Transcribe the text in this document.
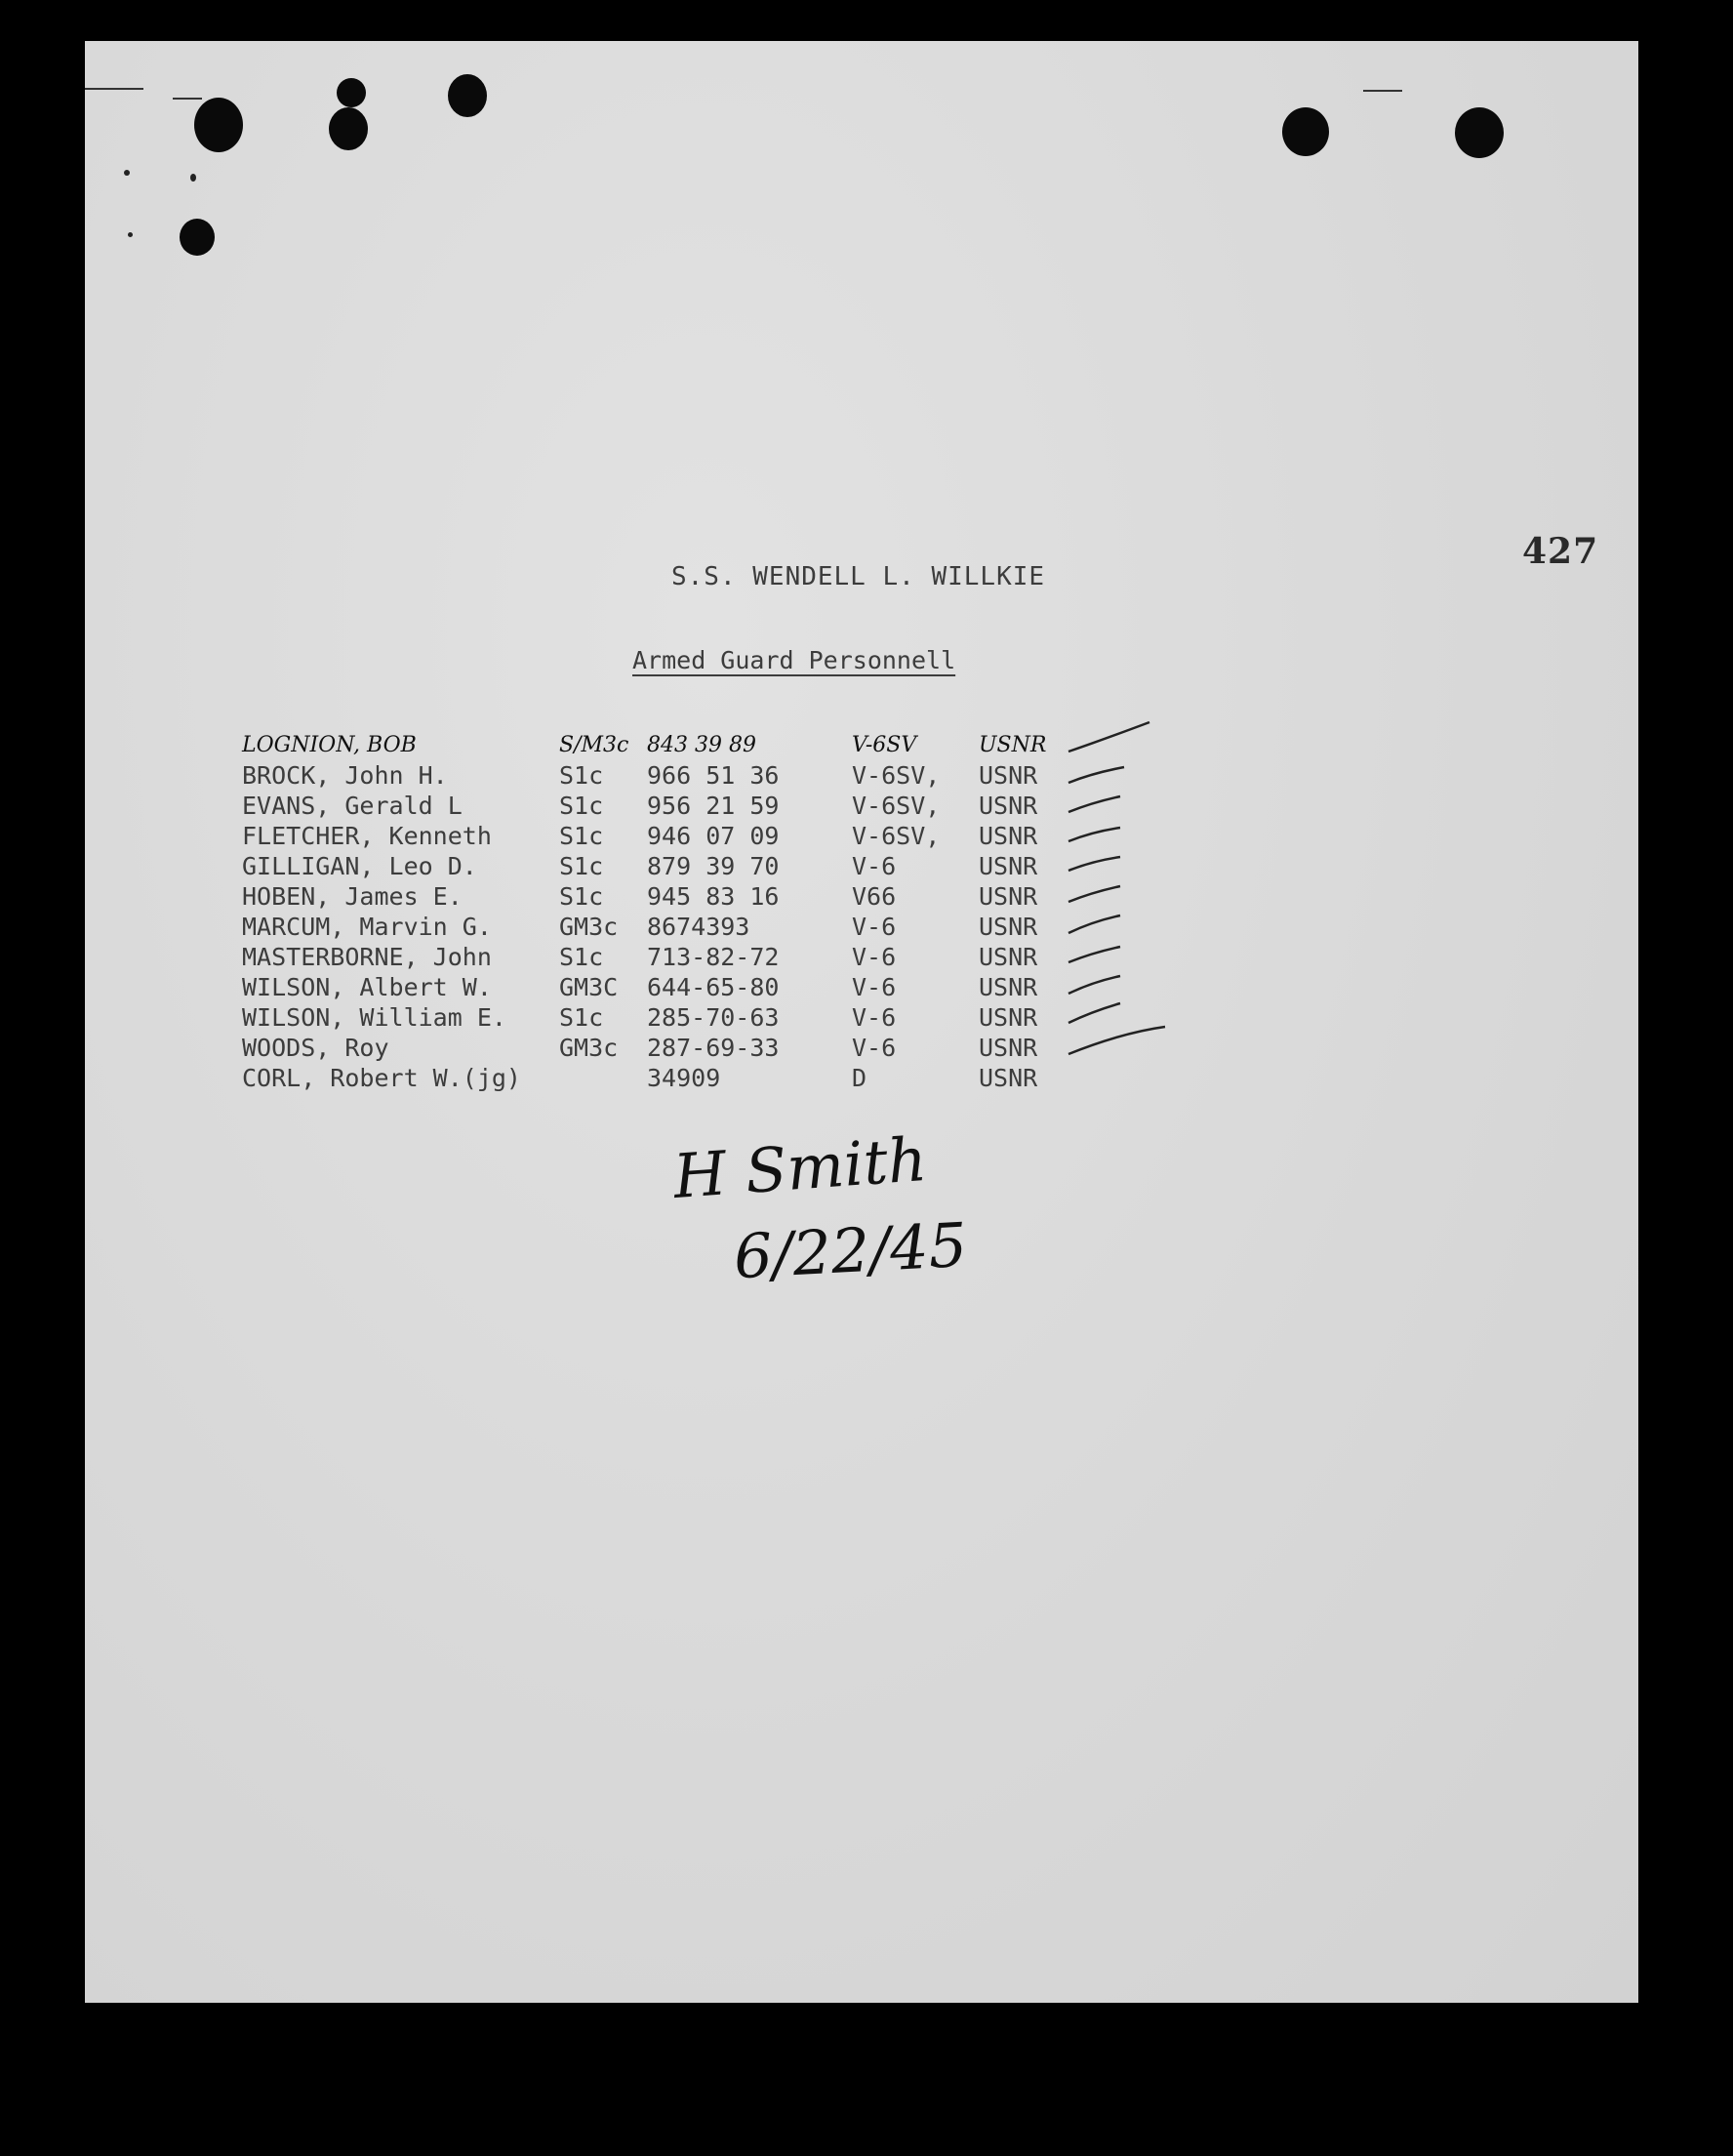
427
S.S. WENDELL L. WILLKIE
Armed Guard Personnell
LOGNION, BOB	S/M3c 843 39 89	V-6SV	USNR
BROCK, John H.	S1c 966 51 36	V-6SV, USNR
EVANS, Gerald L	S1c 956 21 59	V-6SV, USNR
FLETCHER, Kenneth	S1c 946 07 09	V-6SV, USNR
GILLIGAN, Leo D.	S1c 879 39 70	V-6	USNR
HOBEN, James E.	S1c 945 83 16	V66	USNR
MARCUM, Marvin G.	GM3c 8674393	V-6	USNR
MASTERBORNE, John	S1c 713-82-72	V-6	USNR
WILSON, Albert W.	GM3C 644-65-80	V-6	USNR
WILSON, William E. S1c 285-70-63	V-6	USNR
WOODS, Roy	GM3c 287-69-33	V-6	USNR
CORL, Robert W.(jg)	34909	D	USNR
H Smith
6/22/45
